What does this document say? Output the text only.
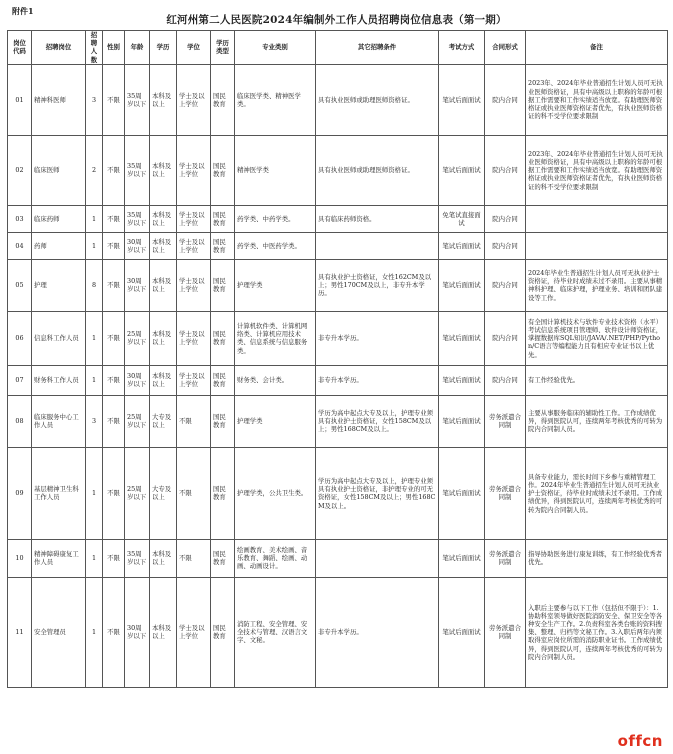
附件1
红河州第二人民医院2024年编制外工作人员招聘岗位信息表（第一期）
岗位代码	招聘岗位	招聘人数	性别	年龄	学历	学位	学历类型	专业类别	其它招聘条件	考试方式	合同形式	备注
01	精神科医师	3	不限	35周岁以下	本科及以上	学士及以上学位	国民教育	临床医学类、精神医学类。	具有执业医师或助理医师资格证。	笔试后面面试	院内合同	2023年、2024年毕业普通招生计划人员可无执业医师资格证，具有中高级以上职称的年龄可根据工作需要和工作实绩适当放宽。有助理医师资格证或执业医师资格证者优先，有执业医师资格证的科不受学位要求限制
02	临床医师	2	不限	35周岁以下	本科及以上	学士及以上学位	国民教育	精神医学类	具有执业医师或助理医师资格证。	笔试后面面试	院内合同	2023年、2024年毕业普通招生计划人员可无执业医师资格证，具有中高级以上职称的年龄可根据工作需要和工作实绩适当放宽。有助理医师资格证或执业医师资格证者优先，有执业医师资格证的科不受学位要求限制
03	临床药师	1	不限	35周岁以下	本科及以上	学士及以上学位	国民教育	药学类、中药学类。	具有临床药师资格。	免笔试直接面试	院内合同	
04	药师	1	不限	30周岁以下	本科及以上	学士及以上学位	国民教育	药学类、中医药学类。		笔试后面面试	院内合同	
05	护理	8	不限	30周岁以下	本科及以上	学士及以上学位	国民教育	护理学类	具有执业护士资格证，女性162CM及以上；男性170CM及以上，非专升本学历。	笔试后面面试	院内合同	2024年毕业生普通招生计划人员可无执业护士资格证，待毕业时成绩未过不录用。主要从事精神科护理、临床护理，护理业务、培训和团队建设等工作。
06	信息科工作人员	1	不限	25周岁以下	本科及以上	学士及以上学位	国民教育	计算机软件类、计算机网络类、计算机应用技术类、信息系统与信息服务类。	非专升本学历。	笔试后面面试	院内合同	有全国计算机技术与软件专业技术资格（水平）考试信息系统项目管理师、软件设计师资格证，掌握数据库SQL知识/JAVA/.NET/PHP/Python/C语言等编程能力且有相应专业证书以上优先。
07	财务科工作人员	1	不限	30周岁以下	本科及以上	学士及以上学位	国民教育	财务类、会计类。	非专升本学历。	笔试后面面试	院内合同	有工作经验优先。
08	临床服务中心工作人员	3	不限	25周岁以下	大专及以上	不限	国民教育	护理学类	学历为高中起点大专及以上，护理专业须具有执业护士资格证，女性158CM及以上；男性168CM及以上。	笔试后面面试	劳务派遣合同制	主要从事服务临床的辅助性工作。工作成绩优异，得到医院认可，连续两年考核优秀的可转为院内合同制人员。
09	基层精神卫生科工作人员	1	不限	25周岁以下	大专及以上	不限	国民教育	护理学类，公共卫生类。	学历为高中起点大专及以上，护理专业须具有执业护士资格证，非护理专业的可无资格证，女性158CM及以上；男性168CM及以上。	笔试后面面试	劳务派遣合同制	具备专业能力，需长时间下乡参与重精管理工作。2024年毕业生普通招生计划人员可无执业护士资格证，待毕业时成绩未过不录用。工作成绩优异，得到医院认可，连续两年考核优秀的可转为院内合同制人员。
10	精神障碍康复工作人员	1	不限	35周岁以下	本科及以上	不限	国民教育	绘画教育、美术绘画、音乐教育、舞蹈、绘画、动画、动画设计。		笔试后面面试	劳务派遣合同制	指导协助医务进行康复训练，有工作经验优秀者优先。
11	安全管理员	1	不限	30周岁以下	本科及以上	学士及以上学位	国民教育	消防工程、安全管理、安全技术与管理、汉语言文字、文秘。	非专升本学历。	笔试后面面试	劳务派遣合同制	入职后主要参与以下工作（包括但不限于）：1.协助科室领导做好医院消防安全、保卫安全等各种安全生产工作。2.负责科室各类台账的资料搜集、整理、归档等文秘工作。3.入职后两年内须取得室应岗位所需的消防职业证书。工作成绩优异，得到医院认可，连续两年考核优秀的可转为院内合同制人员。
offcn
